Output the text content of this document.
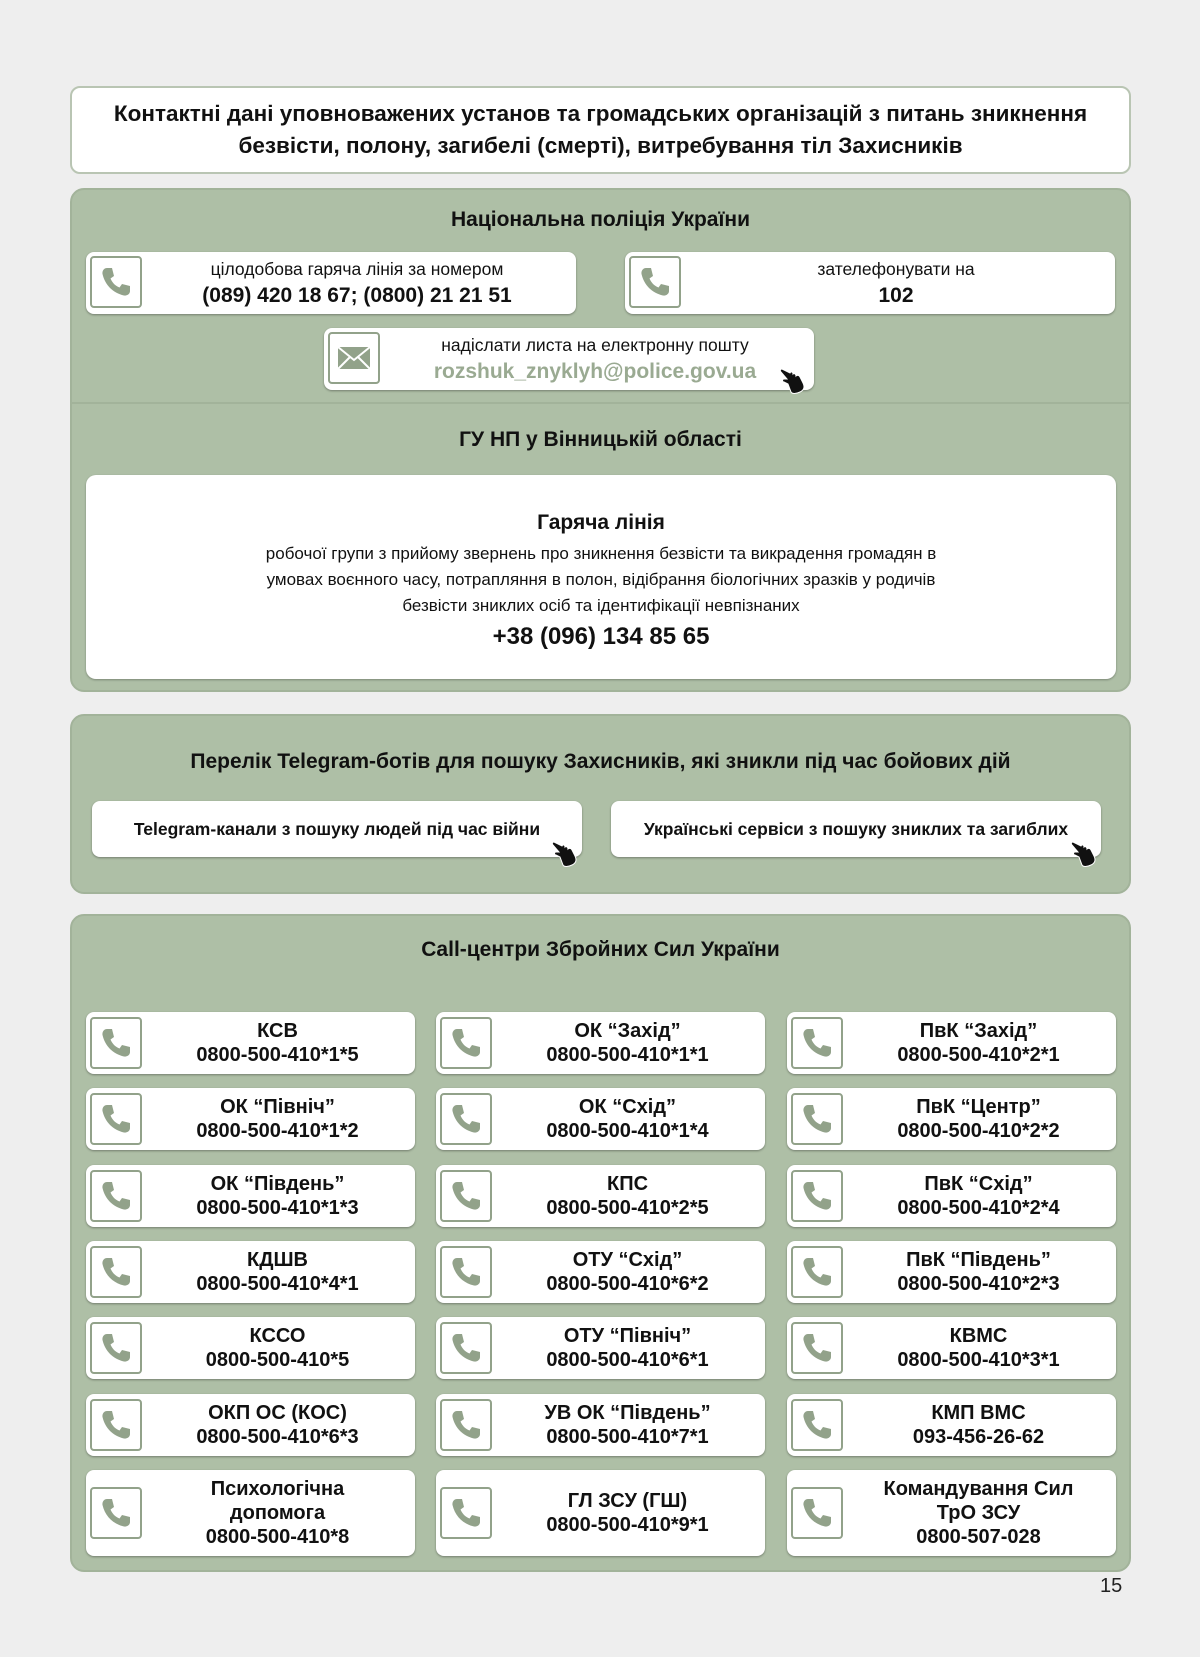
Контактні дані уповноважених установ та громадських організацій з питань зникнення
безвісти, полону, загибелі (смерті), витребування тіл Захисників
Національна поліція України
цілодобова гаряча лінія за номером
(089) 420 18 67; (0800) 21 21 51
зателефонувати на
102
надіслати листа на електронну пошту
rozshuk_znyklyh@police.gov.ua
ГУ НП у Вінницькій області
Гаряча лінія
робочої групи з прийому звернень про зникнення безвісти та викрадення громадян в
умовах воєнного часу, потрапляння в полон, відібрання біологічних зразків у родичів
безвісти зниклих осіб та ідентифікації невпізнаних
+38 (096) 134 85 65
Перелік Telegram-ботів для пошуку Захисників, які зникли під час бойових дій
Telegram-канали з пошуку людей під час війни	Українські сервіси з пошуку зниклих та загиблих
Call-центри Збройних Сил України
КСВ
0800-500-410*1*5
ОК “Захід”
0800-500-410*1*1
ПвК “Захід”
0800-500-410*2*1
ОК “Північ”
0800-500-410*1*2
ОК “Схід”
0800-500-410*1*4
ПвК “Центр”
0800-500-410*2*2
ОК “Південь”
0800-500-410*1*3
КПС
0800-500-410*2*5
ПвК “Схід”
0800-500-410*2*4
КДШВ
0800-500-410*4*1
ОТУ “Схід”
0800-500-410*6*2
ПвК “Південь”
0800-500-410*2*3
КССО
0800-500-410*5
ОТУ “Північ”
0800-500-410*6*1
КВМС
0800-500-410*3*1
ОКП ОС (КОС)
0800-500-410*6*3
УВ ОК “Південь”
0800-500-410*7*1
КМП ВМС
093-456-26-62
Психологічна
допомога
0800-500-410*8
ГЛ ЗСУ (ГШ)
0800-500-410*9*1
Командування Сил
ТрО ЗСУ
0800-507-028
15
